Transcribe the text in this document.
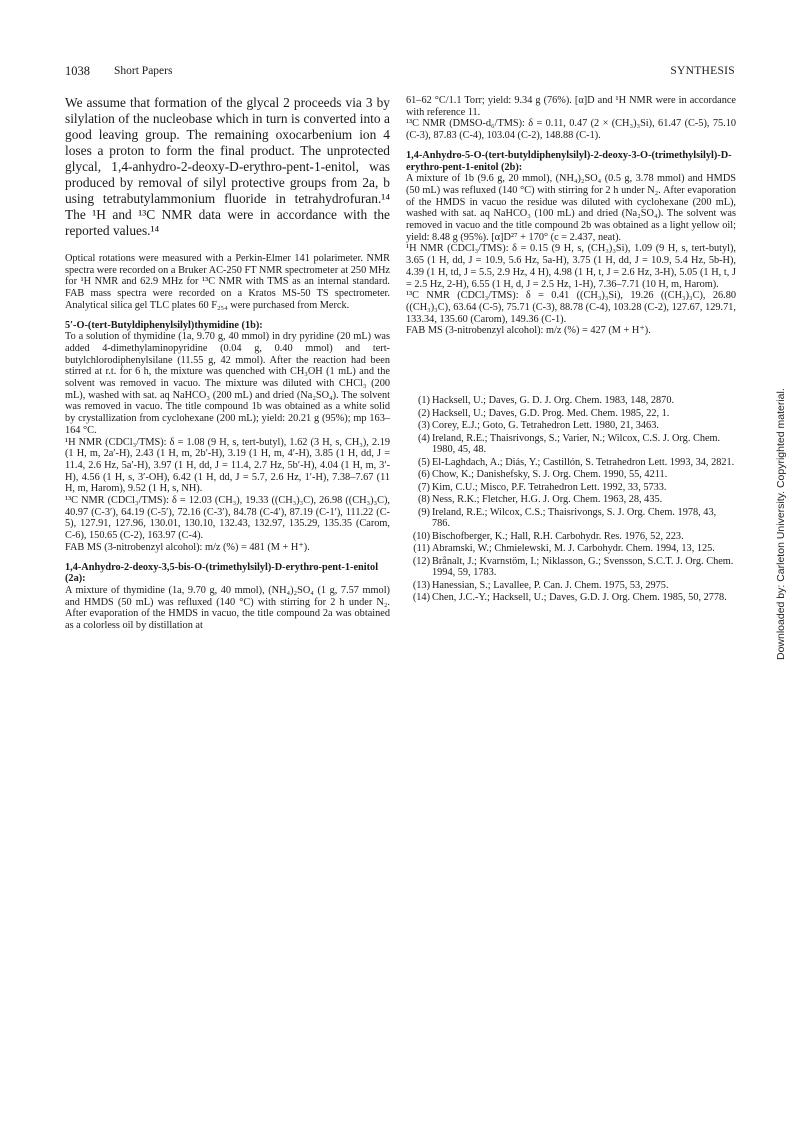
1038 Short Papers	SYNTHESIS

We assume that formation of the glycal 2 proceeds via 3 by silylation of the nucleobase which in turn is converted into a good leaving group. The remaining oxocarbenium ion 4 loses a proton to form the final product. The unprotected glycal, 1,4-anhydro-2-deoxy-D-erythro-pent-1-enitol, was produced by removal of silyl protective groups from 2a, b using tetrabutylammonium fluoride in tetrahydrofuran.¹⁴ The ¹H and ¹³C NMR data were in accordance with the reported values.¹⁴

Optical rotations were measured with a Perkin-Elmer 141 polarimeter. NMR spectra were recorded on a Bruker AC-250 FT NMR spectrometer at 250 MHz for ¹H NMR and 62.9 MHz for ¹³C NMR with TMS as an internal standard. FAB mass spectra were recorded on a Kratos MS-50 TS spectrometer. Analytical silica gel TLC plates 60 F₂₅₄ were purchased from Merck.

5′-O-(tert-Butyldiphenylsilyl)thymidine (1b):

To a solution of thymidine (1a, 9.70 g, 40 mmol) in dry pyridine (20 mL) was added 4-dimethylaminopyridine (0.04 g, 0.40 mmol) and tert-butylchlorodiphenylsilane (11.55 g, 42 mmol). After the reaction had been stirred at r.t. for 6 h, the mixture was quenched with CH₃OH (1 mL) and the solvent was removed in vacuo. The mixture was diluted with CHCl₃ (200 mL), washed with sat. aq NaHCO₃ (200 mL) and dried (Na₂SO₄). The solvent was removed in vacuo. The title compound 1b was obtained as a white solid by crystallization from cyclohexane (200 mL); yield: 20.21 g (95%); mp 163–164 °C.

¹H NMR (CDCl₃/TMS): δ = 1.08 (9 H, s, tert-butyl), 1.62 (3 H, s, CH₃), 2.19 (1 H, m, 2a′-H), 2.43 (1 H, m, 2b′-H), 3.19 (1 H, m, 4′-H), 3.85 (1 H, dd, J = 11.4, 2.6 Hz, 5a′-H), 3.97 (1 H, dd, J = 11.4, 2.7 Hz, 5b′-H), 4.04 (1 H, m, 3′-H), 4.56 (1 H, s, 3′-OH), 6.42 (1 H, dd, J = 5.7, 2.6 Hz, 1′-H), 7.38–7.67 (11 H, m, Harom), 9.52 (1 H, s, NH).

¹³C NMR (CDCl₃/TMS): δ = 12.03 (CH₃), 19.33 ((CH₃)₃C), 26.98 ((CH₃)₃C), 40.97 (C-3′), 64.19 (C-5′), 72.16 (C-3′), 84.78 (C-4′), 87.19 (C-1′), 111.22 (C-5), 127.91, 127.96, 130.01, 130.10, 132.43, 132.97, 135.29, 135.35 (Carom, C-6), 150.65 (C-2), 163.97 (C-4).

FAB MS (3-nitrobenzyl alcohol): m/z (%) = 481 (M + H⁺).

1,4-Anhydro-2-deoxy-3,5-bis-O-(trimethylsilyl)-D-erythro-pent-1-enitol (2a):

A mixture of thymidine (1a, 9.70 g, 40 mmol), (NH₄)₂SO₄ (1 g, 7.57 mmol) and HMDS (50 mL) was refluxed (140 °C) with stirring for 2 h under N₂. After evaporation of the HMDS in vacuo, the title compound 2a was obtained as a colorless oil by distillation at

61–62 °C/1.1 Torr; yield: 9.34 g (76%). [α]D and ¹H NMR were in accordance with reference 11.

¹³C NMR (DMSO-d₆/TMS): δ = 0.11, 0.47 (2 × (CH₃)₃Si), 61.47 (C-5), 75.10 (C-3), 87.83 (C-4), 103.04 (C-2), 148.88 (C-1).

1,4-Anhydro-5-O-(tert-butyldiphenylsilyl)-2-deoxy-3-O-(trimethylsilyl)-D-erythro-pent-1-enitol (2b):

A mixture of 1b (9.6 g, 20 mmol), (NH₄)₂SO₄ (0.5 g, 3.78 mmol) and HMDS (50 mL) was refluxed (140 °C) with stirring for 2 h under N₂. After evaporation of the HMDS in vacuo the residue was diluted with cyclohexane (200 mL), washed with sat. aq NaHCO₃ (100 mL) and dried (Na₂SO₄). The solvent was removed in vacuo and the title compound 2b was obtained as a light yellow oil; yield: 8.48 g (95%). [α]D²⁷ + 170° (c = 2.437, neat).

¹H NMR (CDCl₃/TMS): δ = 0.15 (9 H, s, (CH₃)₃Si), 1.09 (9 H, s, tert-butyl), 3.65 (1 H, dd, J = 10.9, 5.6 Hz, 5a-H), 3.75 (1 H, dd, J = 10.9, 5.4 Hz, 5b-H), 4.39 (1 H, td, J = 5.5, 2.9 Hz, 4 H), 4.98 (1 H, t, J = 2.6 Hz, 3-H), 5.05 (1 H, t, J = 2.5 Hz, 2-H), 6.55 (1 H, d, J = 2.5 Hz, 1-H), 7.36–7.71 (10 H, m, Harom).

¹³C NMR (CDCl₃/TMS): δ = 0.41 ((CH₃)₃Si), 19.26 ((CH₃)₃C), 26.80 ((CH₃)₃C), 63.64 (C-5), 75.71 (C-3), 88.78 (C-4), 103.28 (C-2), 127.67, 129.71, 133.34, 135.60 (Carom), 149.36 (C-1).

FAB MS (3-nitrobenzyl alcohol): m/z (%) = 427 (M + H⁺).

(1) Hacksell, U.; Daves, G. D. J. Org. Chem. 1983, 148, 2870.
(2) Hacksell, U.; Daves, G.D. Prog. Med. Chem. 1985, 22, 1.
(3) Corey, E.J.; Goto, G. Tetrahedron Lett. 1980, 21, 3463.
(4) Ireland, R.E.; Thaisrivongs, S.; Varier, N.; Wilcox, C.S. J. Org. Chem. 1980, 45, 48.
(5) El-Laghdach, A.; Diás, Y.; Castillón, S. Tetrahedron Lett. 1993, 34, 2821.
(6) Chow, K.; Danishefsky, S. J. Org. Chem. 1990, 55, 4211.
(7) Kim, C.U.; Misco, P.F. Tetrahedron Lett. 1992, 33, 5733.
(8) Ness, R.K.; Fletcher, H.G. J. Org. Chem. 1963, 28, 435.
(9) Ireland, R.E.; Wilcox, C.S.; Thaisrivongs, S. J. Org. Chem. 1978, 43, 786.
(10) Bischofberger, K.; Hall, R.H. Carbohydr. Res. 1976, 52, 223.
(11) Abramski, W.; Chmielewski, M. J. Carbohydr. Chem. 1994, 13, 125.
(12) Brånalt, J.; Kvarnstöm, I.; Niklasson, G.; Svensson, S.C.T. J. Org. Chem. 1994, 59, 1783.
(13) Hanessian, S.; Lavallee, P. Can. J. Chem. 1975, 53, 2975.
(14) Chen, J.C.-Y.; Hacksell, U.; Daves, G.D. J. Org. Chem. 1985, 50, 2778.	Downloaded by: Carleton University. Copyrighted material.
